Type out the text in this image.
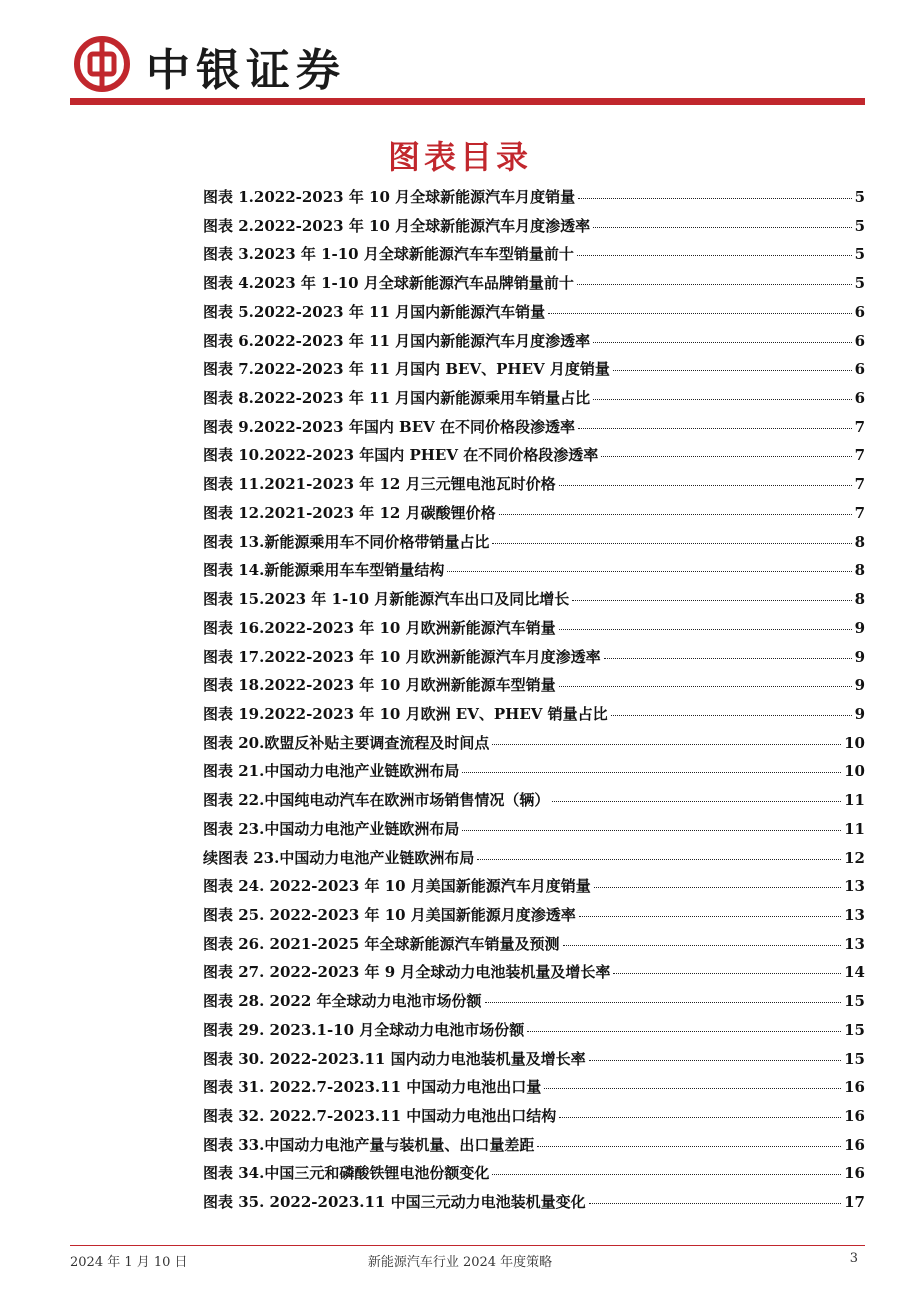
中银证券
图表目录
图表 1.2022-2023 年 10 月全球新能源汽车月度销量	5
图表 2.2022-2023 年 10 月全球新能源汽车月度渗透率	5
图表 3.2023 年 1-10 月全球新能源汽车车型销量前十	5
图表 4.2023 年 1-10 月全球新能源汽车品牌销量前十	5
图表 5.2022-2023 年 11 月国内新能源汽车销量	6
图表 6.2022-2023 年 11 月国内新能源汽车月度渗透率	6
图表 7.2022-2023 年 11 月国内 BEV、PHEV 月度销量	6
图表 8.2022-2023 年 11 月国内新能源乘用车销量占比	6
图表 9.2022-2023 年国内 BEV 在不同价格段渗透率	7
图表 10.2022-2023 年国内 PHEV 在不同价格段渗透率	7
图表 11.2021-2023 年 12 月三元锂电池瓦时价格	7
图表 12.2021-2023 年 12 月碳酸锂价格	7
图表 13.新能源乘用车不同价格带销量占比	8
图表 14.新能源乘用车车型销量结构	8
图表 15.2023 年 1-10 月新能源汽车出口及同比增长	8
图表 16.2022-2023 年 10 月欧洲新能源汽车销量	9
图表 17.2022-2023 年 10 月欧洲新能源汽车月度渗透率	9
图表 18.2022-2023 年 10 月欧洲新能源车型销量	9
图表 19.2022-2023 年 10 月欧洲 EV、PHEV 销量占比	9
图表 20.欧盟反补贴主要调查流程及时间点	10
图表 21.中国动力电池产业链欧洲布局	10
图表 22.中国纯电动汽车在欧洲市场销售情况（辆）	11
图表 23.中国动力电池产业链欧洲布局	11
续图表 23.中国动力电池产业链欧洲布局	12
图表 24. 2022-2023 年 10 月美国新能源汽车月度销量	13
图表 25. 2022-2023 年 10 月美国新能源月度渗透率	13
图表 26. 2021-2025 年全球新能源汽车销量及预测	13
图表 27. 2022-2023 年 9 月全球动力电池装机量及增长率	14
图表 28. 2022 年全球动力电池市场份额	15
图表 29. 2023.1-10 月全球动力电池市场份额	15
图表 30. 2022-2023.11 国内动力电池装机量及增长率	15
图表 31. 2022.7-2023.11 中国动力电池出口量	16
图表 32. 2022.7-2023.11 中国动力电池出口结构	16
图表 33.中国动力电池产量与装机量、出口量差距	16
图表 34.中国三元和磷酸铁锂电池份额变化	16
图表 35. 2022-2023.11 中国三元动力电池装机量变化	17
2024 年 1 月 10 日	新能源汽车行业 2024 年度策略	3
